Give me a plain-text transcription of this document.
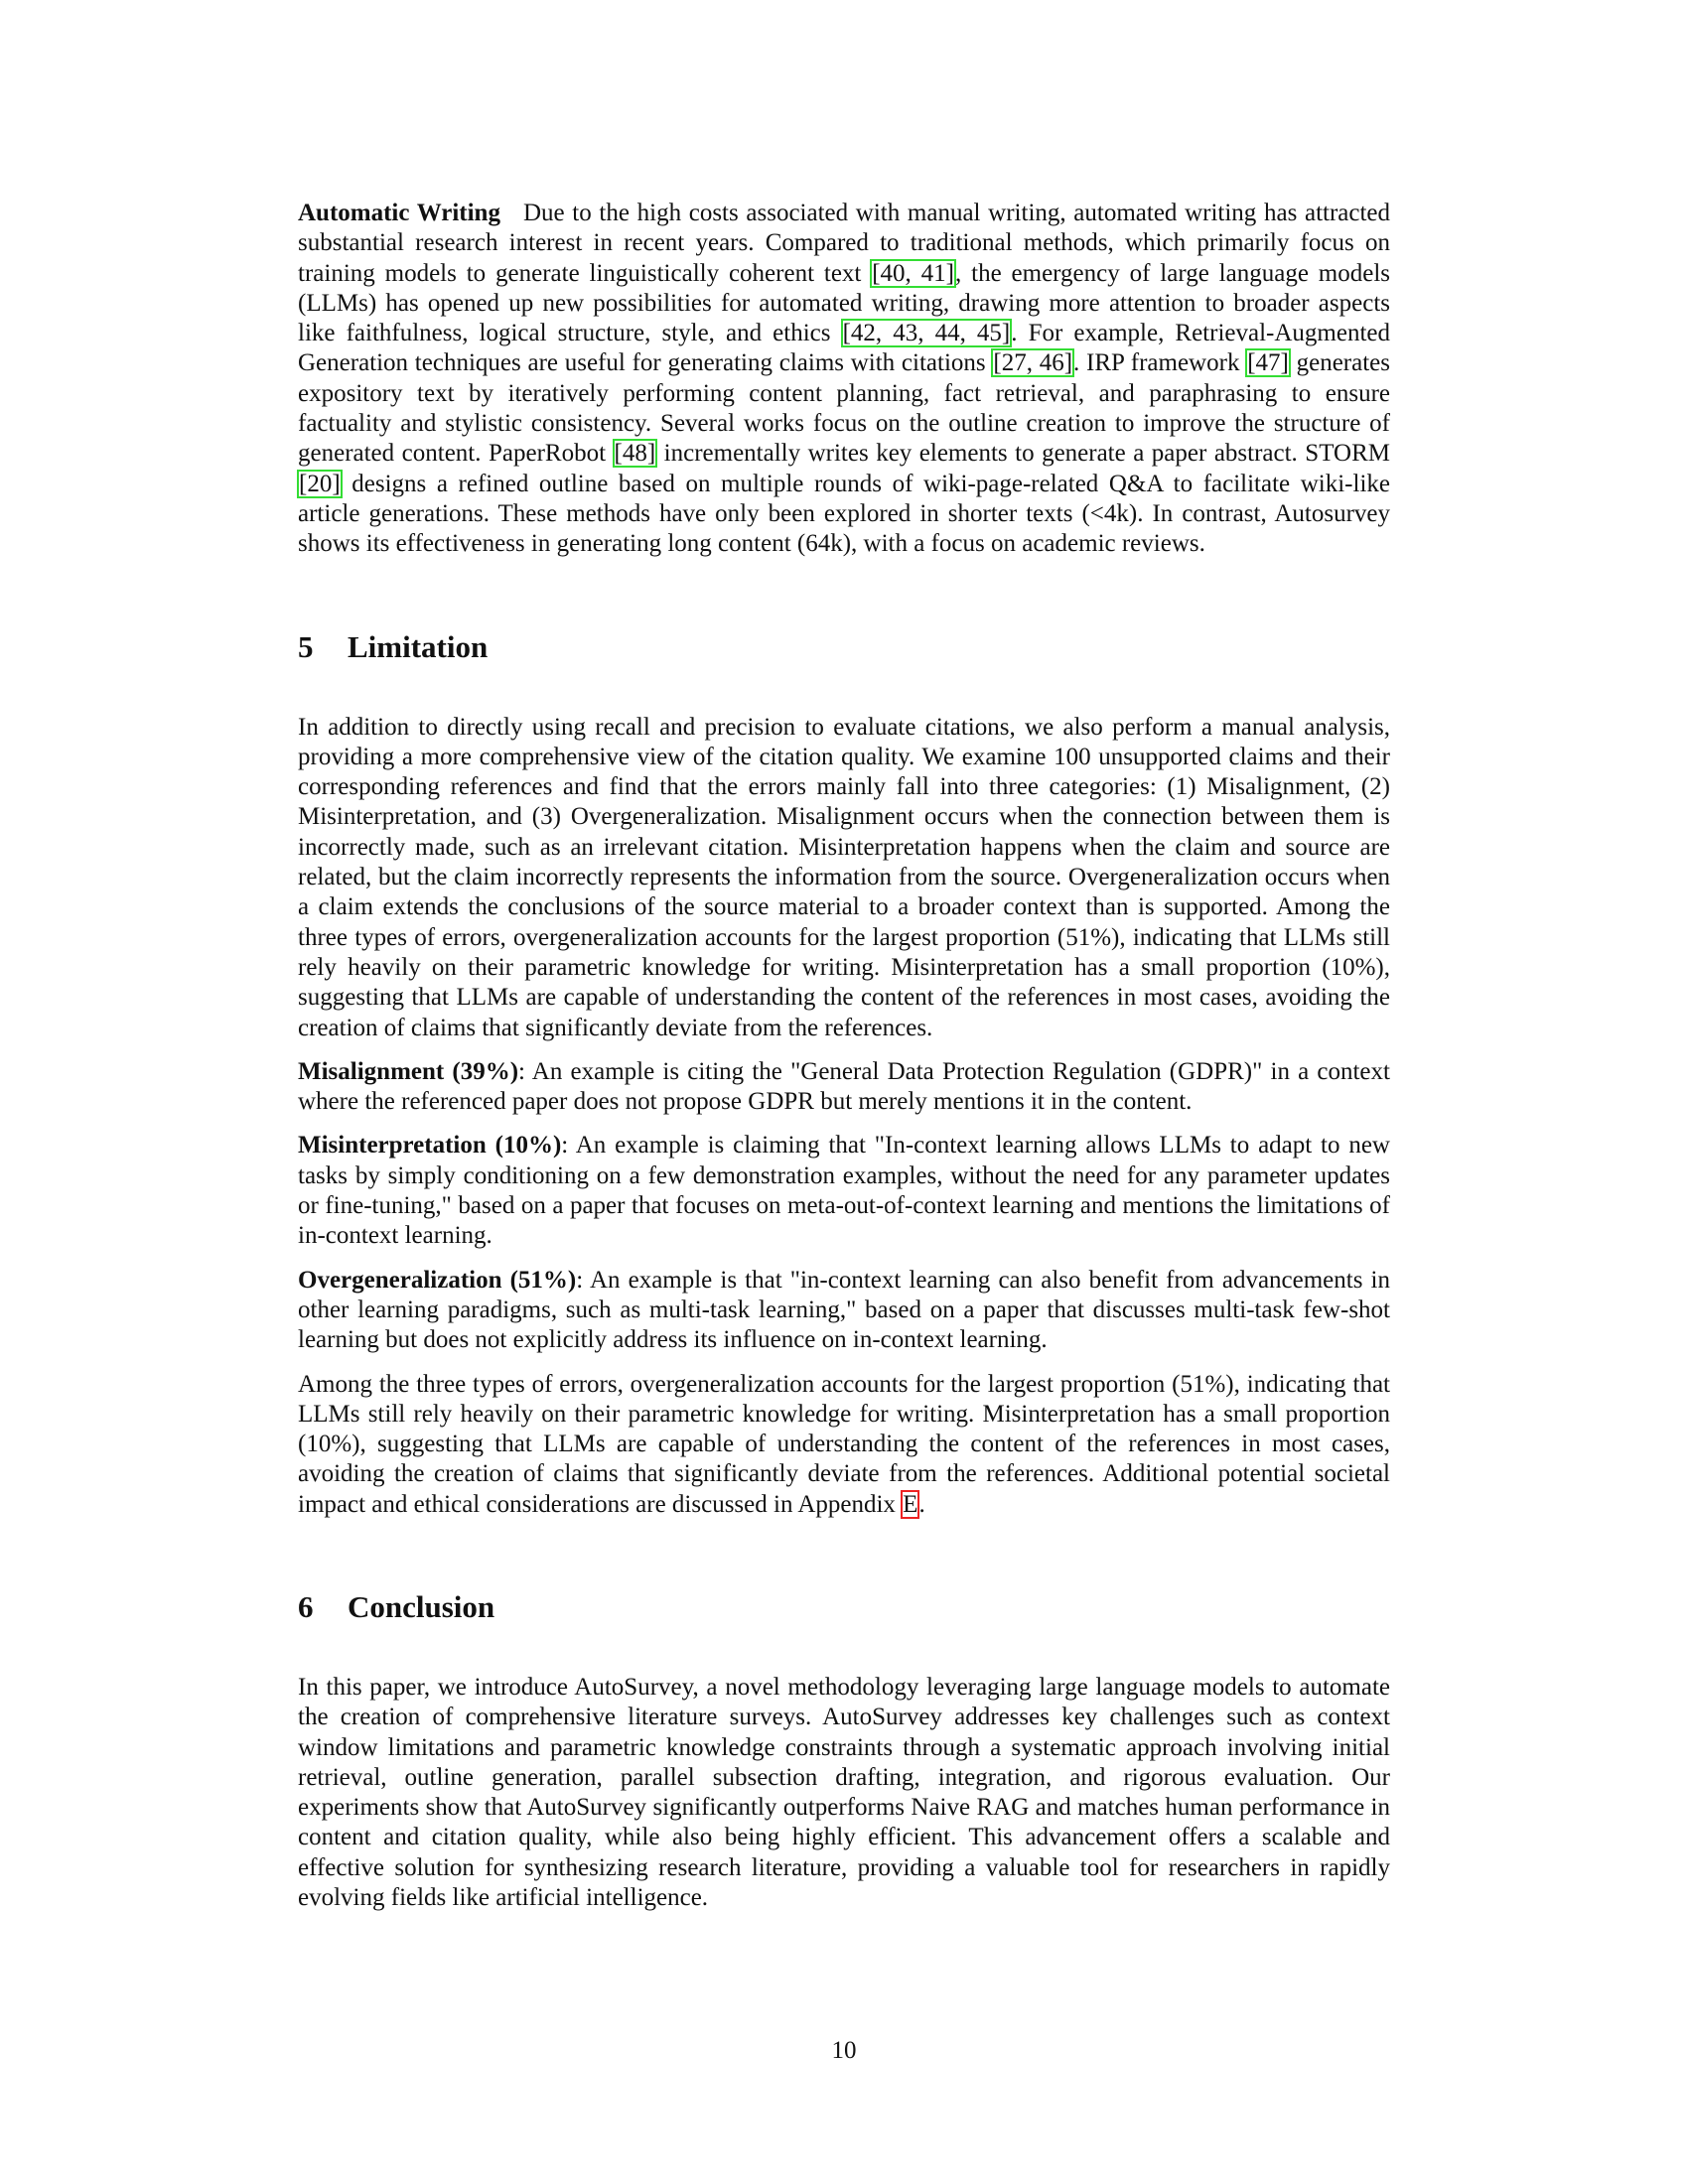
Automatic Writing Due to the high costs associated with manual writing, automated writing has attracted substantial research interest in recent years. Compared to traditional methods, which primarily focus on training models to generate linguistically coherent text [40, 41], the emergency of large language models (LLMs) has opened up new possibilities for automated writing, drawing more attention to broader aspects like faithfulness, logical structure, style, and ethics [42, 43, 44, 45]. For example, Retrieval-Augmented Generation techniques are useful for generating claims with citations [27, 46]. IRP framework [47] generates expository text by iteratively performing content planning, fact retrieval, and paraphrasing to ensure factuality and stylistic consistency. Several works focus on the outline creation to improve the structure of generated content. PaperRobot [48] incrementally writes key elements to generate a paper abstract. STORM [20] designs a refined outline based on multiple rounds of wiki-page-related Q&A to facilitate wiki-like article generations. These methods have only been explored in shorter texts (<4k). In contrast, Autosurvey shows its effectiveness in generating long content (64k), with a focus on academic reviews.

5 Limitation

In addition to directly using recall and precision to evaluate citations, we also perform a manual analysis, providing a more comprehensive view of the citation quality. We examine 100 unsupported claims and their corresponding references and find that the errors mainly fall into three categories: (1) Misalignment, (2) Misinterpretation, and (3) Overgeneralization. Misalignment occurs when the connection between them is incorrectly made, such as an irrelevant citation. Misinterpretation happens when the claim and source are related, but the claim incorrectly represents the information from the source. Overgeneralization occurs when a claim extends the conclusions of the source material to a broader context than is supported. Among the three types of errors, overgeneralization accounts for the largest proportion (51%), indicating that LLMs still rely heavily on their parametric knowledge for writing. Misinterpretation has a small proportion (10%), suggesting that LLMs are capable of understanding the content of the references in most cases, avoiding the creation of claims that significantly deviate from the references.

Misalignment (39%): An example is citing the "General Data Protection Regulation (GDPR)" in a context where the referenced paper does not propose GDPR but merely mentions it in the content.

Misinterpretation (10%): An example is claiming that "In-context learning allows LLMs to adapt to new tasks by simply conditioning on a few demonstration examples, without the need for any parameter updates or fine-tuning," based on a paper that focuses on meta-out-of-context learning and mentions the limitations of in-context learning.

Overgeneralization (51%): An example is that "in-context learning can also benefit from advancements in other learning paradigms, such as multi-task learning," based on a paper that discusses multi-task few-shot learning but does not explicitly address its influence on in-context learning.

Among the three types of errors, overgeneralization accounts for the largest proportion (51%), indicating that LLMs still rely heavily on their parametric knowledge for writing. Misinterpretation has a small proportion (10%), suggesting that LLMs are capable of understanding the content of the references in most cases, avoiding the creation of claims that significantly deviate from the references. Additional potential societal impact and ethical considerations are discussed in Appendix E.

6 Conclusion

In this paper, we introduce AutoSurvey, a novel methodology leveraging large language models to automate the creation of comprehensive literature surveys. AutoSurvey addresses key challenges such as context window limitations and parametric knowledge constraints through a systematic approach involving initial retrieval, outline generation, parallel subsection drafting, integration, and rigorous evaluation. Our experiments show that AutoSurvey significantly outperforms Naive RAG and matches human performance in content and citation quality, while also being highly efficient. This advancement offers a scalable and effective solution for synthesizing research literature, providing a valuable tool for researchers in rapidly evolving fields like artificial intelligence.

10
